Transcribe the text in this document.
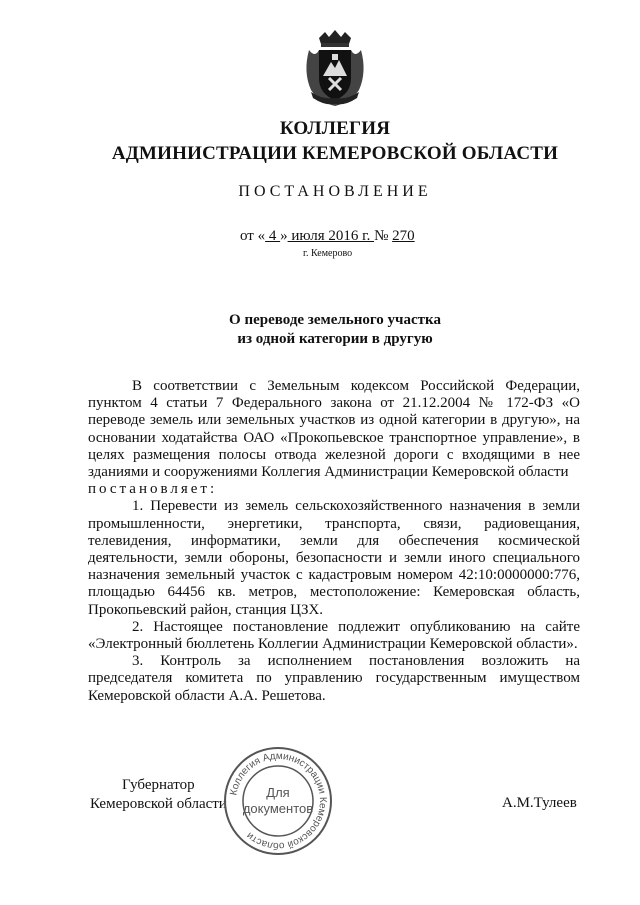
КОЛЛЕГИЯ
АДМИНИСТРАЦИИ КЕМЕРОВСКОЙ ОБЛАСТИ
ПОСТАНОВЛЕНИЕ
от « 4 » июля 2016 г. № 270
г. Кемерово
О переводе земельного участка
из одной категории в другую

В соответствии с Земельным кодексом Российской Федерации, пунктом 4 статьи 7 Федерального закона от 21.12.2004 № 172-ФЗ «О переводе земель или земельных участков из одной категории в другую», на основании ходатайства ОАО «Прокопьевское транспортное управление», в целях размещения полосы отвода железной дороги с входящими в нее зданиями и сооружениями Коллегия Администрации Кемеровской области

постановляет:

1. Перевести из земель сельскохозяйственного назначения в земли промышленности, энергетики, транспорта, связи, радиовещания, телевидения, информатики, земли для обеспечения космической деятельности, земли обороны, безопасности и земли иного специального назначения земельный участок с кадастровым номером 42:10:0000000:776, площадью 64456 кв. метров, местоположение: Кемеровская область, Прокопьевский район, станция ЦЗХ.

2. Настоящее постановление подлежит опубликованию на сайте «Электронный бюллетень Коллегии Администрации Кемеровской области».

3. Контроль за исполнением постановления возложить на председателя комитета по управлению государственным имуществом Кемеровской области А.А. Решетова.

Губернатор
Кемеровской области	А.М.Тулеев
Коллегия Администрации Кемеровской области
Для
документов
